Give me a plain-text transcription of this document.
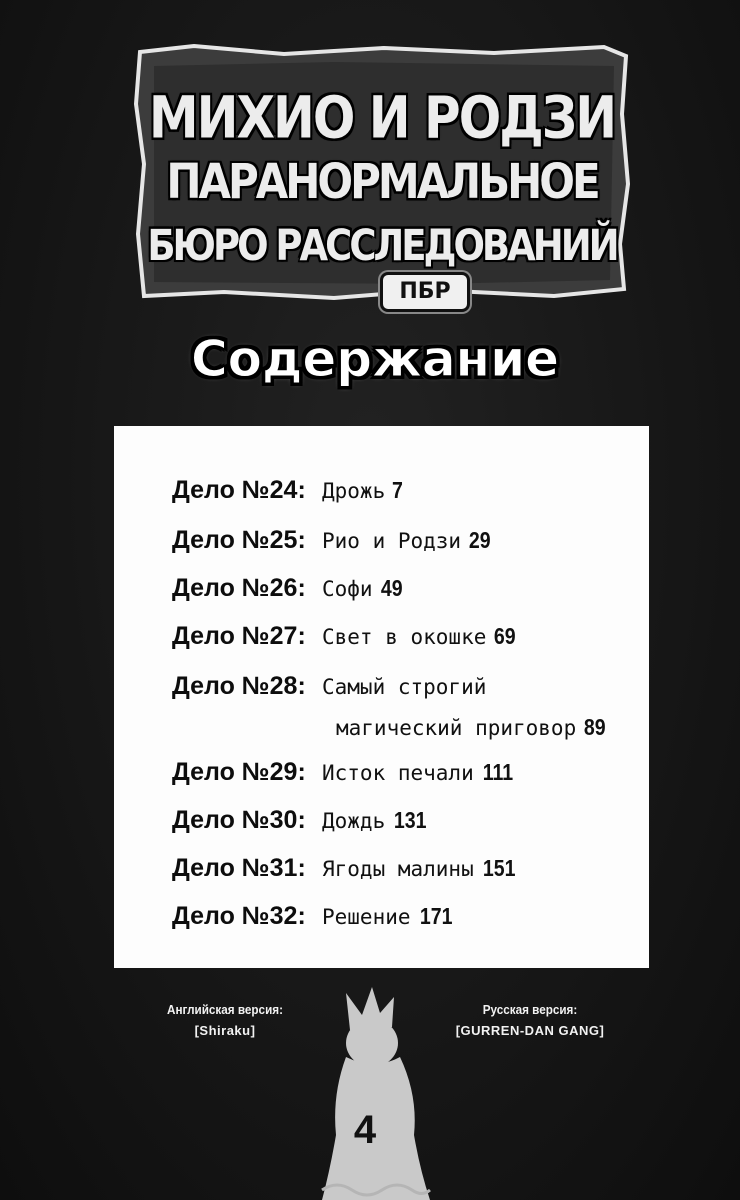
МИХИО И РОДЗИ
ПАРАНОРМАЛЬНОЕ
БЮРО РАССЛЕДОВАНИЙ
ПБР
Содержание
Дело №24: Дрожь 7
Дело №25: Рио и Родзи 29
Дело №26: Софи 49
Дело №27: Свет в окошке 69
Дело №28: Самый строгий
магический приговор 89
Дело №29: Исток печали 111
Дело №30: Дождь 131
Дело №31: Ягоды малины 151
Дело №32: Решение 171
Английская версия:
[Shiraku]
Русская версия:
[GURREN-DAN GANG]
4
